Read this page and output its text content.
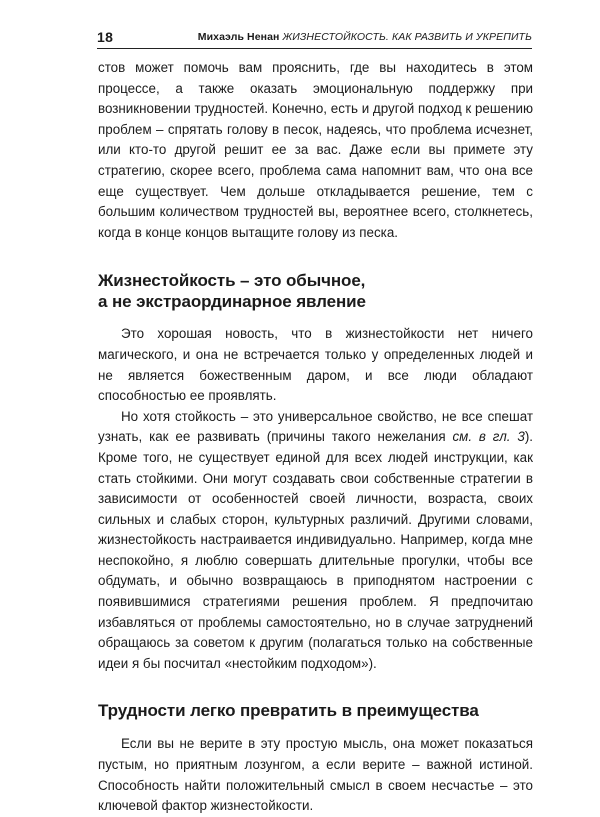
18	Михаэль Ненан ЖИЗНЕСТОЙКОСТЬ. КАК РАЗВИТЬ И УКРЕПИТЬ

стов может помочь вам прояснить, где вы находитесь в этом процессе, а также оказать эмоциональную поддержку при возникновении трудностей. Конечно, есть и другой подход к решению проблем – спрятать голову в песок, надеясь, что проблема исчезнет, или кто-то другой решит ее за вас. Даже если вы примете эту стратегию, скорее всего, проблема сама напомнит вам, что она все еще существует. Чем дольше откладывается решение, тем с большим количеством трудностей вы, вероятнее всего, столкнетесь, когда в конце концов вытащите голову из песка.

Жизнестойкость – это обычное,
а не экстраординарное явление

Это хорошая новость, что в жизнестойкости нет ничего магического, и она не встречается только у определенных людей и не является божественным даром, и все люди обладают способностью ее проявлять.

Но хотя стойкость – это универсальное свойство, не все спешат узнать, как ее развивать (причины такого нежелания см. в гл. 3). Кроме того, не существует единой для всех людей инструкции, как стать стойкими. Они могут создавать свои собственные стратегии в зависимости от особенностей своей личности, возраста, своих сильных и слабых сторон, культурных различий. Другими словами, жизнестойкость настраивается индивидуально. Например, когда мне неспокойно, я люблю совершать длительные прогулки, чтобы все обдумать, и обычно возвращаюсь в приподнятом настроении с появившимися стратегиями решения проблем. Я предпочитаю избавляться от проблемы самостоятельно, но в случае затруднений обращаюсь за советом к другим (полагаться только на собственные идеи я бы посчитал «нестойким подходом»).

Трудности легко превратить в преимущества

Если вы не верите в эту простую мысль, она может показаться пустым, но приятным лозунгом, а если верите – важной истиной. Способность найти положительный смысл в своем несчастье – это ключевой фактор жизнестойкости.
